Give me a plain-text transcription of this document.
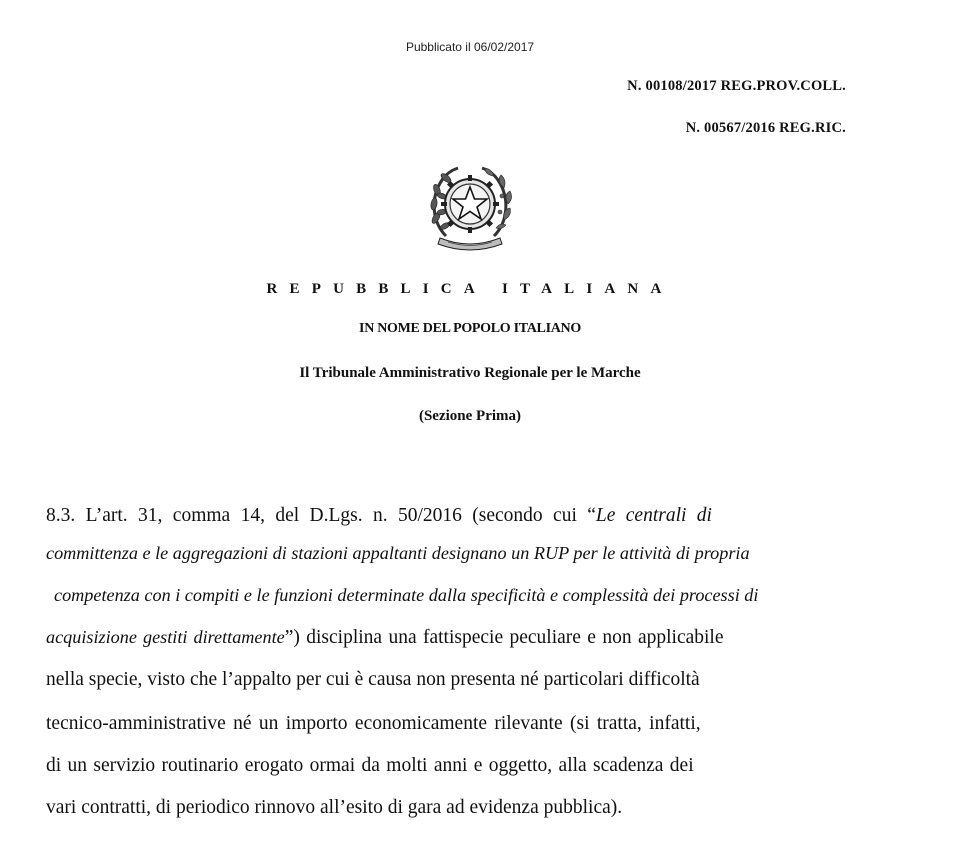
Pubblicato il 06/02/2017
N. 00108/2017 REG.PROV.COLL.
N. 00567/2016 REG.RIC.
REPUBBLICA ITALIANA
IN NOME DEL POPOLO ITALIANO
Il Tribunale Amministrativo Regionale per le Marche
(Sezione Prima)
8.3. L’art. 31, comma 14, del D.Lgs. n. 50/2016 (secondo cui “Le centrali di
committenza e le aggregazioni di stazioni appaltanti designano un RUP per le attività di propria
competenza con i compiti e le funzioni determinate dalla specificità e complessità dei processi di
acquisizione gestiti direttamente”) disciplina una fattispecie peculiare e non applicabile
nella specie, visto che l’appalto per cui è causa non presenta né particolari difficoltà
tecnico-amministrative né un importo economicamente rilevante (si tratta, infatti,
di un servizio routinario erogato ormai da molti anni e oggetto, alla scadenza dei
vari contratti, di periodico rinnovo all’esito di gara ad evidenza pubblica).
